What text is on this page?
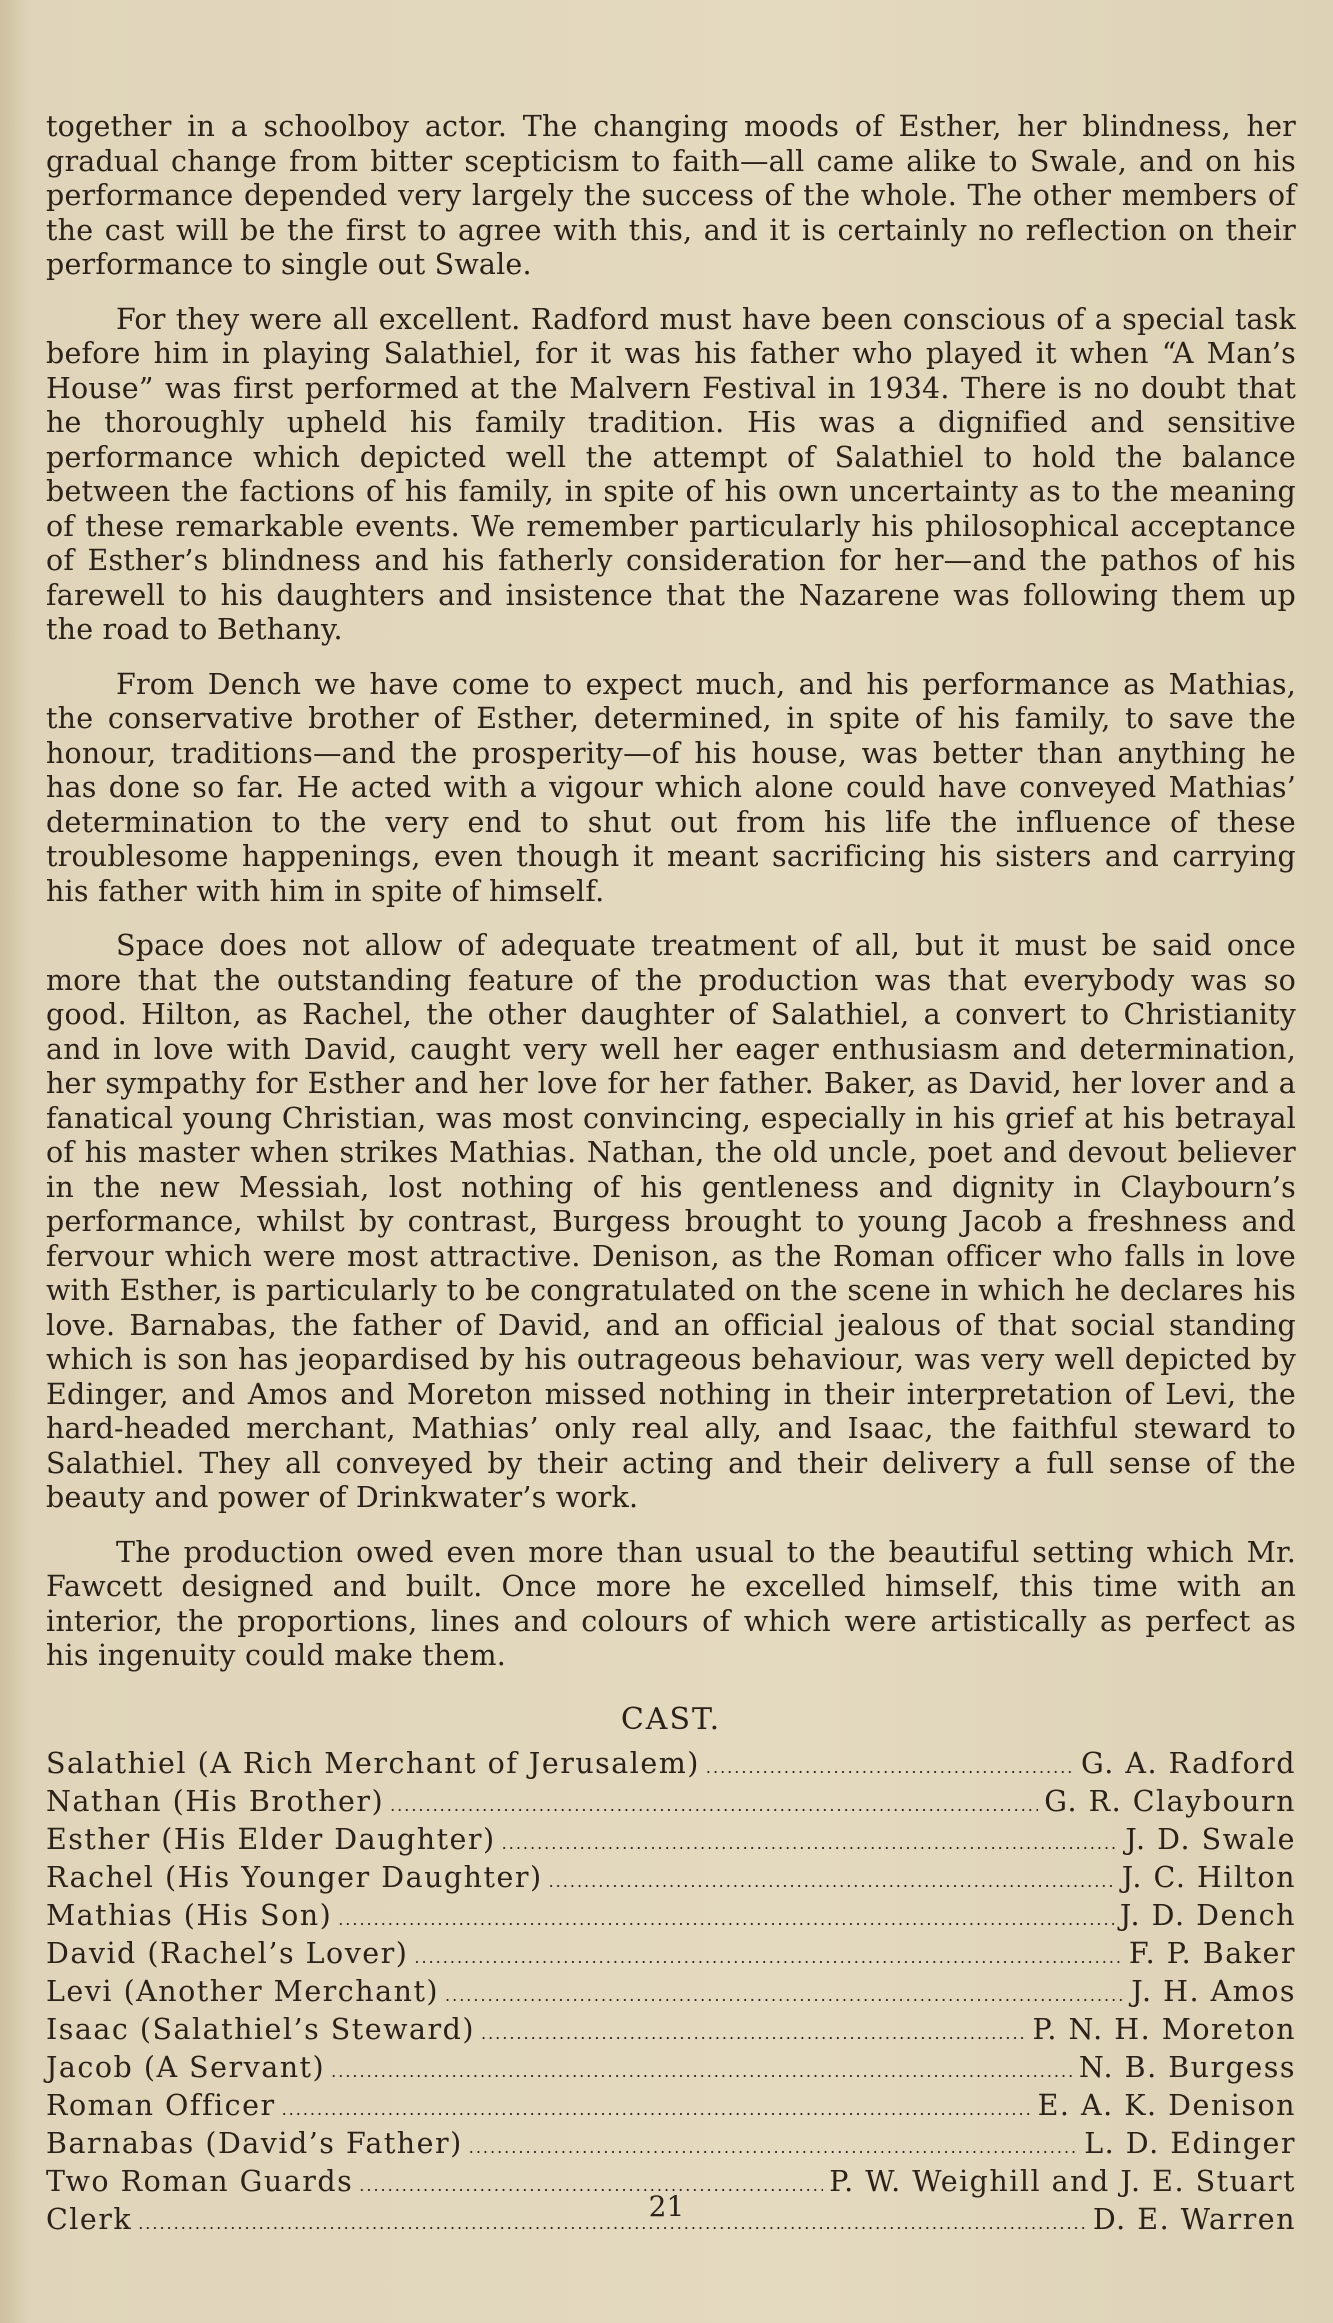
together in a schoolboy actor. The changing moods of Esther, her blindness, her gradual change from bitter scepticism to faith—all came alike to Swale, and on his performance depended very largely the success of the whole. The other members of the cast will be the first to agree with this, and it is certainly no reflection on their performance to single out Swale.

For they were all excellent. Radford must have been conscious of a special task before him in playing Salathiel, for it was his father who played it when “A Man’s House” was first performed at the Malvern Festival in 1934. There is no doubt that he thoroughly upheld his family tradition. His was a dignified and sensitive performance which depicted well the attempt of Salathiel to hold the balance between the factions of his family, in spite of his own uncertainty as to the meaning of these remarkable events. We remember particularly his philosophical acceptance of Esther’s blindness and his fatherly consideration for her—and the pathos of his farewell to his daughters and insistence that the Nazarene was following them up the road to Bethany.

From Dench we have come to expect much, and his performance as Mathias, the conservative brother of Esther, determined, in spite of his family, to save the honour, traditions—and the prosperity—of his house, was better than anything he has done so far. He acted with a vigour which alone could have conveyed Mathias’ determination to the very end to shut out from his life the influence of these troublesome happenings, even though it meant sacrificing his sisters and carrying his father with him in spite of himself.

Space does not allow of adequate treatment of all, but it must be said once more that the outstanding feature of the production was that everybody was so good. Hilton, as Rachel, the other daughter of Salathiel, a convert to Christianity and in love with David, caught very well her eager enthusiasm and determination, her sympathy for Esther and her love for her father. Baker, as David, her lover and a fanatical young Christian, was most convincing, especially in his grief at his betrayal of his master when strikes Mathias. Nathan, the old uncle, poet and devout believer in the new Messiah, lost nothing of his gentleness and dignity in Claybourn’s performance, whilst by contrast, Burgess brought to young Jacob a freshness and fervour which were most attractive. Denison, as the Roman officer who falls in love with Esther, is particularly to be congratulated on the scene in which he declares his love. Barnabas, the father of David, and an official jealous of that social standing which is son has jeopardised by his outrageous behaviour, was very well depicted by Edinger, and Amos and Moreton missed nothing in their interpretation of Levi, the hard-headed merchant, Mathias’ only real ally, and Isaac, the faithful steward to Salathiel. They all conveyed by their acting and their delivery a full sense of the beauty and power of Drinkwater’s work.

The production owed even more than usual to the beautiful setting which Mr. Fawcett designed and built. Once more he excelled himself, this time with an interior, the proportions, lines and colours of which were artistically as perfect as his ingenuity could make them.

CAST.
Salathiel (A Rich Merchant of Jerusalem) .....	G. A. Radford
Nathan (His Brother) .....	G. R. Claybourn
Esther (His Elder Daughter) .....	J. D. Swale
Rachel (His Younger Daughter) .....	J. C. Hilton
Mathias (His Son) .....	J. D. Dench
David (Rachel’s Lover) .....	F. P. Baker
Levi (Another Merchant) .....	J. H. Amos
Isaac (Salathiel’s Steward) .....	P. N. H. Moreton
Jacob (A Servant) .....	N. B. Burgess
Roman Officer .....	E. A. K. Denison
Barnabas (David’s Father) .....	L. D. Edinger
Two Roman Guards .....	P. W. Weighill and J. E. Stuart
Clerk .....	D. E. Warren
21
